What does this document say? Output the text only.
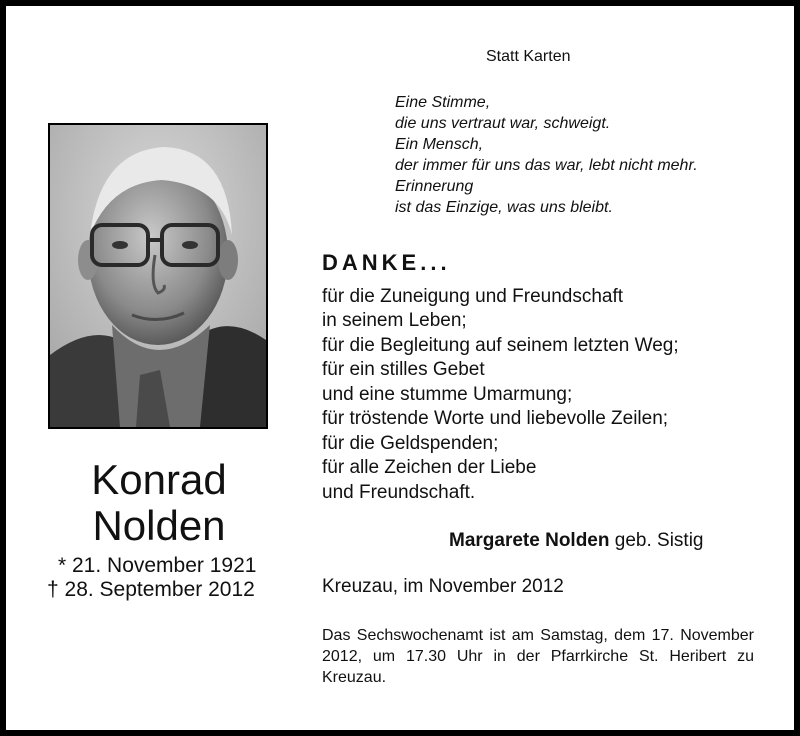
Konrad
Nolden
* 21. November 1921
† 28. September 2012
Statt Karten
Eine Stimme,
die uns vertraut war, schweigt.
Ein Mensch,
der immer für uns das war, lebt nicht mehr.
Erinnerung
ist das Einzige, was uns bleibt.
DANKE...
für die Zuneigung und Freundschaft
in seinem Leben;
für die Begleitung auf seinem letzten Weg;
für ein stilles Gebet
und eine stumme Umarmung;
für tröstende Worte und liebevolle Zeilen;
für die Geldspenden;
für alle Zeichen der Liebe
und Freundschaft.
Margarete Nolden geb. Sistig
Kreuzau, im November 2012
Das Sechswochenamt ist am Samstag, dem 17. November 2012, um 17.30 Uhr in der Pfarrkirche St. Heribert zu Kreuzau.
